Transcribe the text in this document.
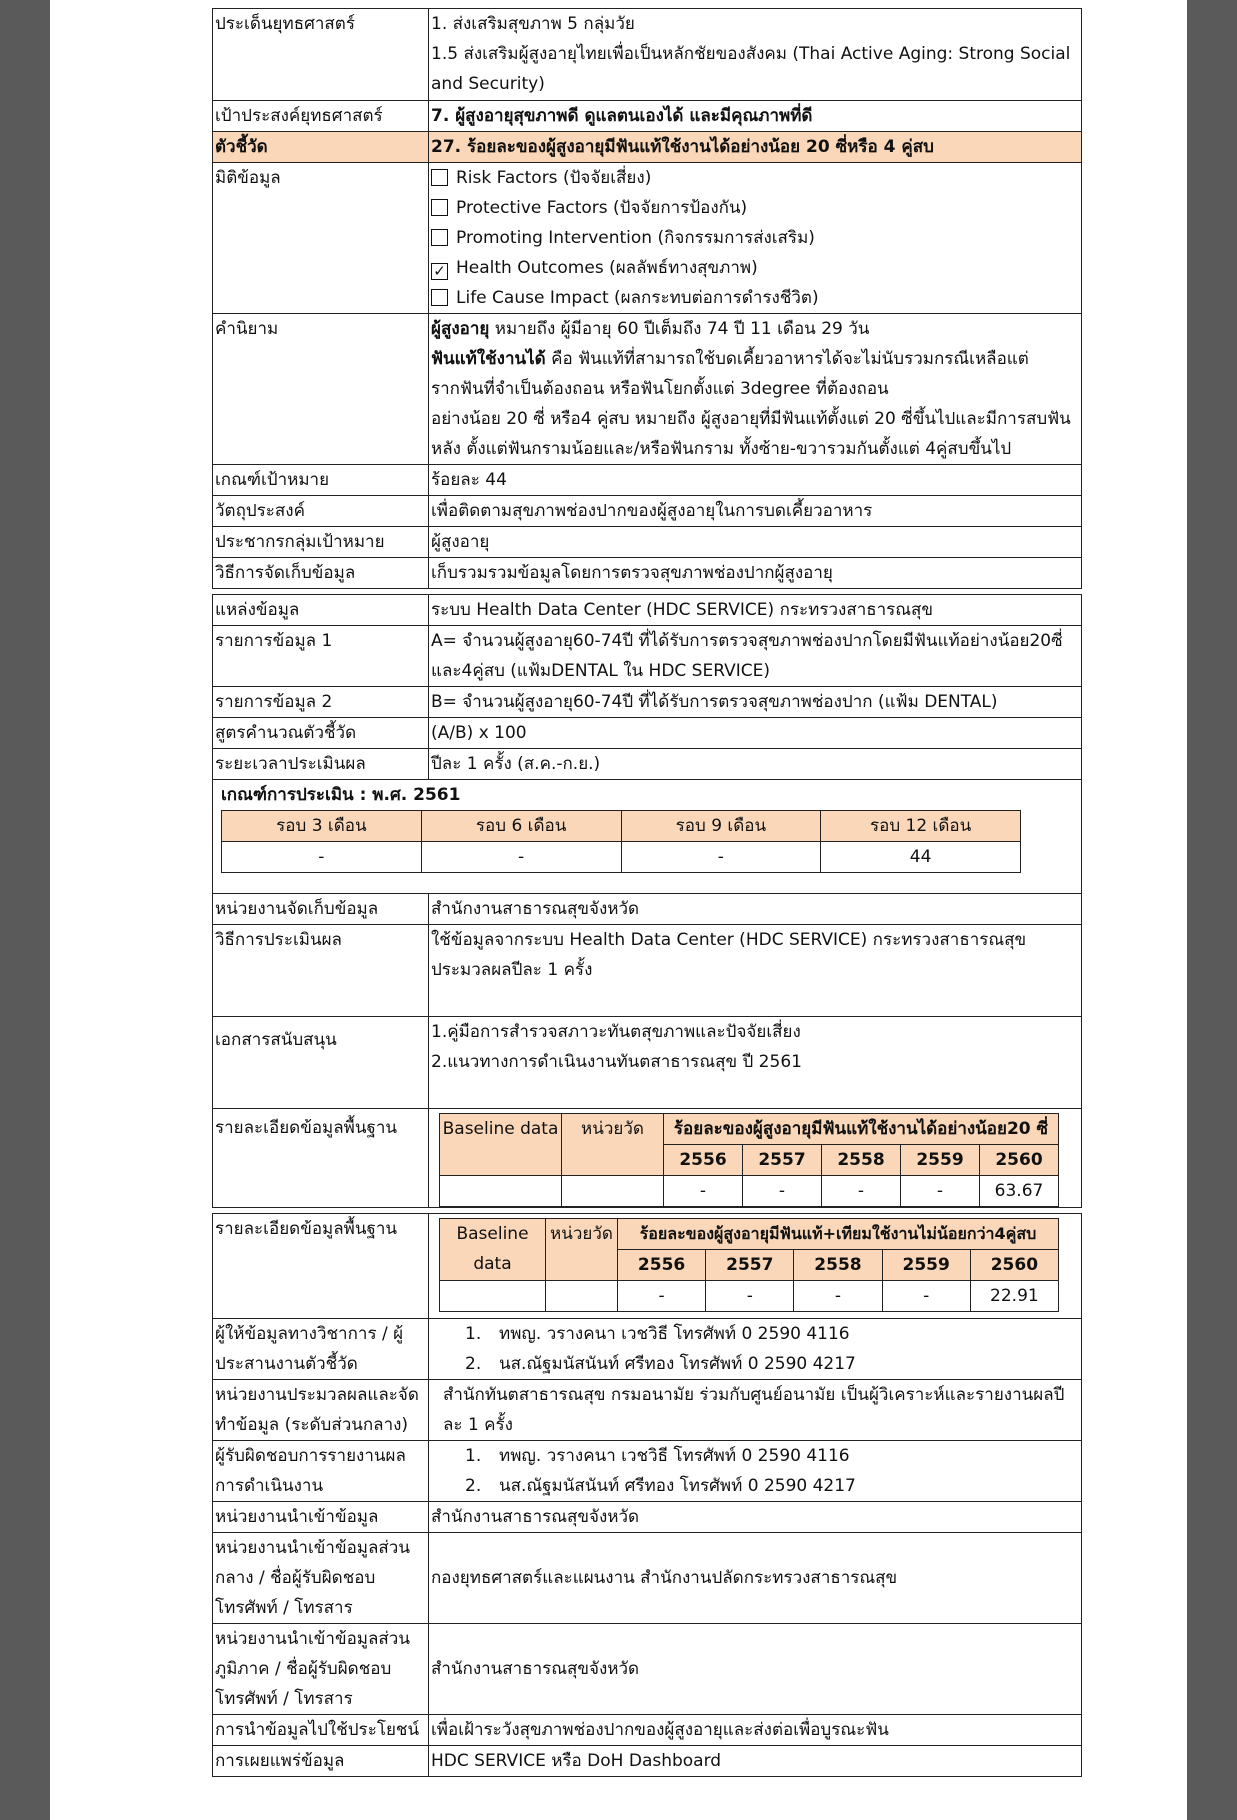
ประเด็นยุทธศาสตร์	1. ส่งเสริมสุขภาพ 5 กลุ่มวัย
1.5 ส่งเสริมผู้สูงอายุไทยเพื่อเป็นหลักชัยของสังคม (Thai Active Aging: Strong Social and Security)

เป้าประสงค์ยุทธศาสตร์	7. ผู้สูงอายุสุขภาพดี ดูแลตนเองได้ และมีคุณภาพที่ดี
ตัวชี้วัด	27. ร้อยละของผู้สูงอายุมีฟันแท้ใช้งานได้อย่างน้อย 20 ซี่หรือ 4 คู่สบ
มิติข้อมูล	Risk Factors (ปัจจัยเสี่ยง)
Protective Factors (ปัจจัยการป้องกัน)
Promoting Intervention (กิจกรรมการส่งเสริม)
✓ Health Outcomes (ผลลัพธ์ทางสุขภาพ)
Life Cause Impact (ผลกระทบต่อการดำรงชีวิต)

คำนิยาม	ผู้สูงอายุ หมายถึง ผู้มีอายุ 60 ปีเต็มถึง 74 ปี 11 เดือน 29 วัน
ฟันแท้ใช้งานได้ คือ ฟันแท้ที่สามารถใช้บดเคี้ยวอาหารได้จะไม่นับรวมกรณีเหลือแต่รากฟันที่จำเป็นต้องถอน หรือฟันโยกตั้งแต่ 3degree ที่ต้องถอน
อย่างน้อย 20 ซี่ หรือ4 คู่สบ หมายถึง ผู้สูงอายุที่มีฟันแท้ตั้งแต่ 20 ซี่ขึ้นไปและมีการสบฟันหลัง ตั้งแต่ฟันกรามน้อยและ/หรือฟันกราม ทั้งซ้าย-ขวารวมกันตั้งแต่ 4คู่สบขึ้นไป

เกณฑ์เป้าหมาย	ร้อยละ 44
วัตถุประสงค์	เพื่อติดตามสุขภาพช่องปากของผู้สูงอายุในการบดเคี้ยวอาหาร
ประชากรกลุ่มเป้าหมาย	ผู้สูงอายุ
วิธีการจัดเก็บข้อมูล	เก็บรวมรวมข้อมูลโดยการตรวจสุขภาพช่องปากผู้สูงอายุ
แหล่งข้อมูล	ระบบ Health Data Center (HDC SERVICE) กระทรวงสาธารณสุข
รายการข้อมูล 1	A= จำนวนผู้สูงอายุ60-74ปี ที่ได้รับการตรวจสุขภาพช่องปากโดยมีฟันแท้อย่างน้อย20ซี่และ4คู่สบ (แฟ้มDENTAL ใน HDC SERVICE)
รายการข้อมูล 2	B= จำนวนผู้สูงอายุ60-74ปี ที่ได้รับการตรวจสุขภาพช่องปาก (แฟ้ม DENTAL)
สูตรคำนวณตัวชี้วัด	(A/B) x 100
ระยะเวลาประเมินผล	ปีละ 1 ครั้ง (ส.ค.-ก.ย.)

เกณฑ์การประเมิน : พ.ศ. 2561
รอบ 3 เดือน	รอบ 6 เดือน	รอบ 9 เดือน	รอบ 12 เดือน
-	-	-	44

หน่วยงานจัดเก็บข้อมูล	สำนักงานสาธารณสุขจังหวัด
วิธีการประเมินผล	ใช้ข้อมูลจากระบบ Health Data Center (HDC SERVICE) กระทรวงสาธารณสุข ประมวลผลปีละ 1 ครั้ง
เอกสารสนับสนุน	1.คู่มือการสำรวจสภาวะทันตสุขภาพและปัจจัยเสี่ยง
2.แนวทางการดำเนินงานทันตสาธารณสุข ปี 2561

รายละเอียดข้อมูลพื้นฐาน		Baseline data	หน่วยวัด	ร้อยละของผู้สูงอายุมีฟันแท้ใช้งานได้อย่างน้อย20 ซี่
2556	2557	2558	2559	2560
		-	-	-	-	63.67
รายละเอียดข้อมูลพื้นฐาน		Baseline data	หน่วยวัด	ร้อยละของผู้สูงอายุมีฟันแท้+เทียมใช้งานไม่น้อยกว่า4คู่สบ
2556	2557	2558	2559	2560
		-	-	-	-	22.91

ผู้ให้ข้อมูลทางวิชาการ / ผู้ประสานงานตัวชี้วัด	
1. ทพญ. วรางคนา เวชวิธี โทรศัพท์ 0 2590 4116
2. นส.ณัฐมนัสนันท์ ศรีทอง โทรศัพท์ 0 2590 4217

หน่วยงานประมวลผลและจัดทำข้อมูล (ระดับส่วนกลาง)	สำนักทันตสาธารณสุข กรมอนามัย ร่วมกับศูนย์อนามัย เป็นผู้วิเคราะห์และรายงานผลปีละ 1 ครั้ง
ผู้รับผิดชอบการรายงานผลการดำเนินงาน	
1. ทพญ. วรางคนา เวชวิธี โทรศัพท์ 0 2590 4116
2. นส.ณัฐมนัสนันท์ ศรีทอง โทรศัพท์ 0 2590 4217

หน่วยงานนำเข้าข้อมูล	สำนักงานสาธารณสุขจังหวัด
หน่วยงานนำเข้าข้อมูลส่วนกลาง / ชื่อผู้รับผิดชอบ โทรศัพท์ / โทรสาร	กองยุทธศาสตร์และแผนงาน สำนักงานปลัดกระทรวงสาธารณสุข
หน่วยงานนำเข้าข้อมูลส่วนภูมิภาค / ชื่อผู้รับผิดชอบ โทรศัพท์ / โทรสาร	สำนักงานสาธารณสุขจังหวัด
การนำข้อมูลไปใช้ประโยชน์	เพื่อเฝ้าระวังสุขภาพช่องปากของผู้สูงอายุและส่งต่อเพื่อบูรณะฟัน
การเผยแพร่ข้อมูล	HDC SERVICE หรือ DoH Dashboard
